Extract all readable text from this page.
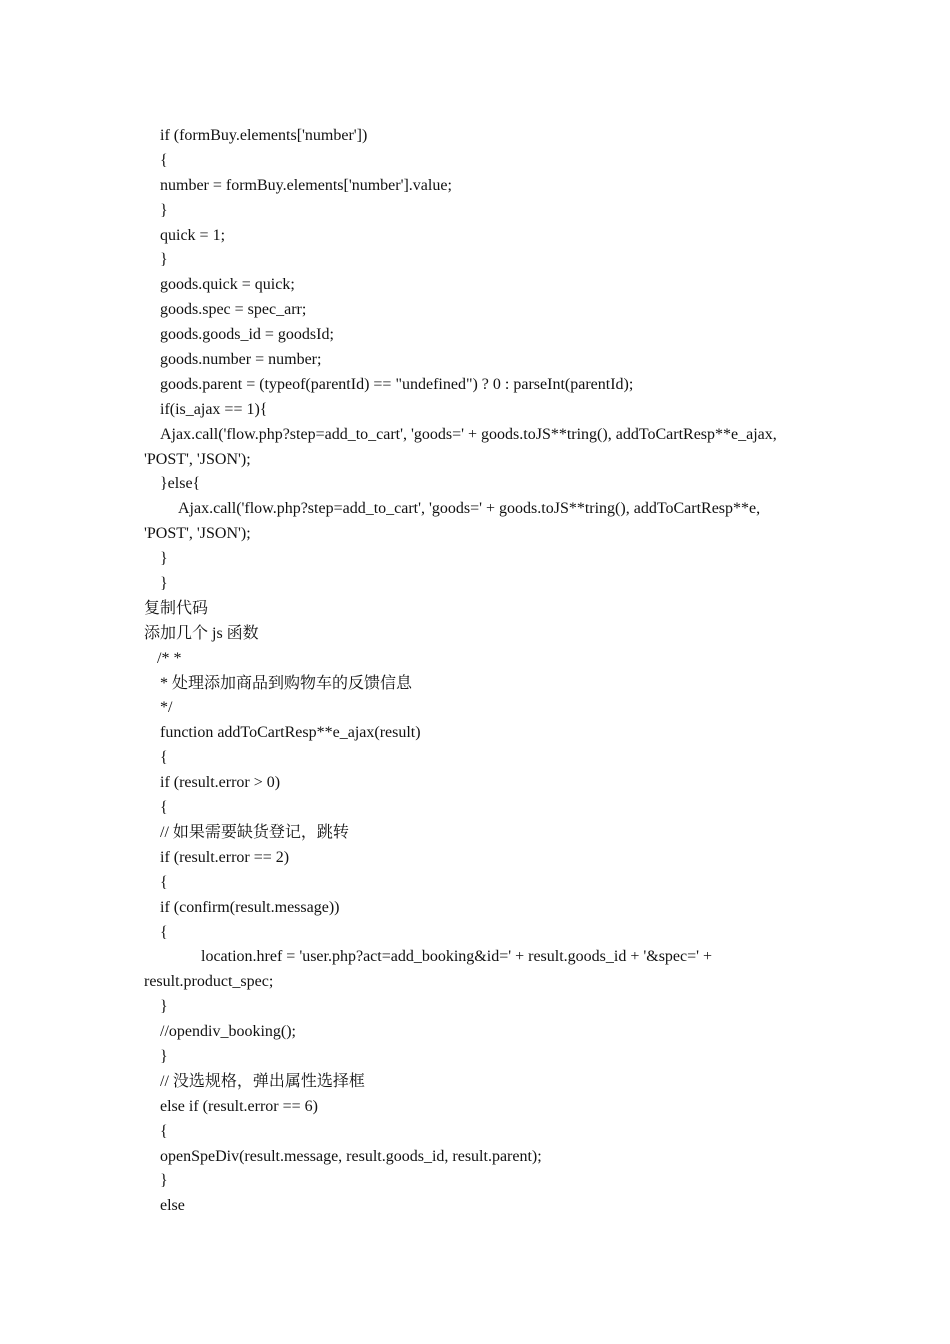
if (formBuy.elements['number'])
{
number = formBuy.elements['number'].value;
}
quick = 1;
}
goods.quick = quick;
goods.spec = spec_arr;
goods.goods_id = goodsId;
goods.number = number;
goods.parent = (typeof(parentId) == "undefined") ? 0 : parseInt(parentId);
if(is_ajax == 1){
Ajax.call('flow.php?step=add_to_cart', 'goods=' + goods.toJS**tring(), addToCartResp**e_ajax,
'POST', 'JSON');
}else{
Ajax.call('flow.php?step=add_to_cart', 'goods=' + goods.toJS**tring(), addToCartResp**e,
'POST', 'JSON');
}
}
复制代码
添加几个 js 函数
/* *
* 处理添加商品到购物车的反馈信息
*/
function addToCartResp**e_ajax(result)
{
if (result.error > 0)
{
// 如果需要缺货登记，跳转
if (result.error == 2)
{
if (confirm(result.message))
{
location.href = 'user.php?act=add_booking&id=' + result.goods_id + '&spec=' +
result.product_spec;
}
//opendiv_booking();
}
// 没选规格，弹出属性选择框
else if (result.error == 6)
{
openSpeDiv(result.message, result.goods_id, result.parent);
}
else
